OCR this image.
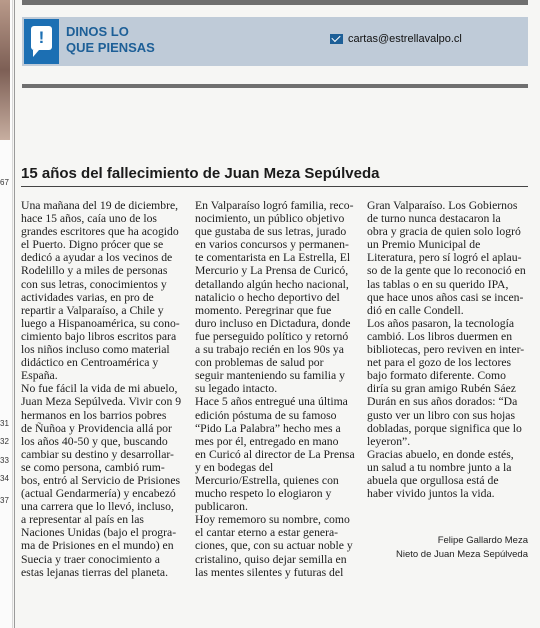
67
31
32
33
34
37
!	DINOS LO
QUE PIENSAS
cartas@estrellavalpo.cl
15 años del fallecimiento de Juan Meza Sepúlveda

Una mañana del 19 de diciembre,

hace 15 años, caía uno de los

grandes escritores que ha acogido

el Puerto. Digno prócer que se

dedicó a ayudar a los vecinos de

Rodelillo y a miles de personas

con sus letras, conocimientos y

actividades varias, en pro de

repartir a Valparaíso, a Chile y

luego a Hispanoamérica, su cono-

cimiento bajo libros escritos para

los niños incluso como material

didáctico en Centroamérica y

España.

No fue fácil la vida de mi abuelo,

Juan Meza Sepúlveda. Vivir con 9

hermanos en los barrios pobres

de Ñuñoa y Providencia allá por

los años 40-50 y que, buscando

cambiar su destino y desarrollar-

se como persona, cambió rum-

bos, entró al Servicio de Prisiones

(actual Gendarmería) y encabezó

una carrera que lo llevó, incluso,

a representar al país en las

Naciones Unidas (bajo el progra-

ma de Prisiones en el mundo) en

Suecia y traer conocimiento a

estas lejanas tierras del planeta.

En Valparaíso logró familia, reco-

nocimiento, un público objetivo

que gustaba de sus letras, jurado

en varios concursos y permanen-

te comentarista en La Estrella, El

Mercurio y La Prensa de Curicó,

detallando algún hecho nacional,

natalicio o hecho deportivo del

momento. Peregrinar que fue

duro incluso en Dictadura, donde

fue perseguido político y retornó

a su trabajo recién en los 90s ya

con problemas de salud por

seguir manteniendo su familia y

su legado intacto.

Hace 5 años entregué una última

edición póstuma de su famoso

“Pido La Palabra” hecho mes a

mes por él, entregado en mano

en Curicó al director de La Prensa

y en bodegas del

Mercurio/Estrella, quienes con

mucho respeto lo elogiaron y

publicaron.

Hoy rememoro su nombre, como

el cantar eterno a estar genera-

ciones, que, con su actuar noble y

cristalino, quiso dejar semilla en

las mentes silentes y futuras del

Gran Valparaíso. Los Gobiernos

de turno nunca destacaron la

obra y gracia de quien solo logró

un Premio Municipal de

Literatura, pero sí logró el aplau-

so de la gente que lo reconoció en

las tablas o en su querido IPA,

que hace unos años casi se incen-

dió en calle Condell.

Los años pasaron, la tecnología

cambió. Los libros duermen en

bibliotecas, pero reviven en inter-

net para el gozo de los lectores

bajo formato diferente. Como

diría su gran amigo Rubén Sáez

Durán en sus años dorados: “Da

gusto ver un libro con sus hojas

dobladas, porque significa que lo

leyeron”.

Gracias abuelo, en donde estés,

un salud a tu nombre junto a la

abuela que orgullosa está de

haber vivido juntos la vida.

Felipe Gallardo Meza
Nieto de Juan Meza Sepúlveda
